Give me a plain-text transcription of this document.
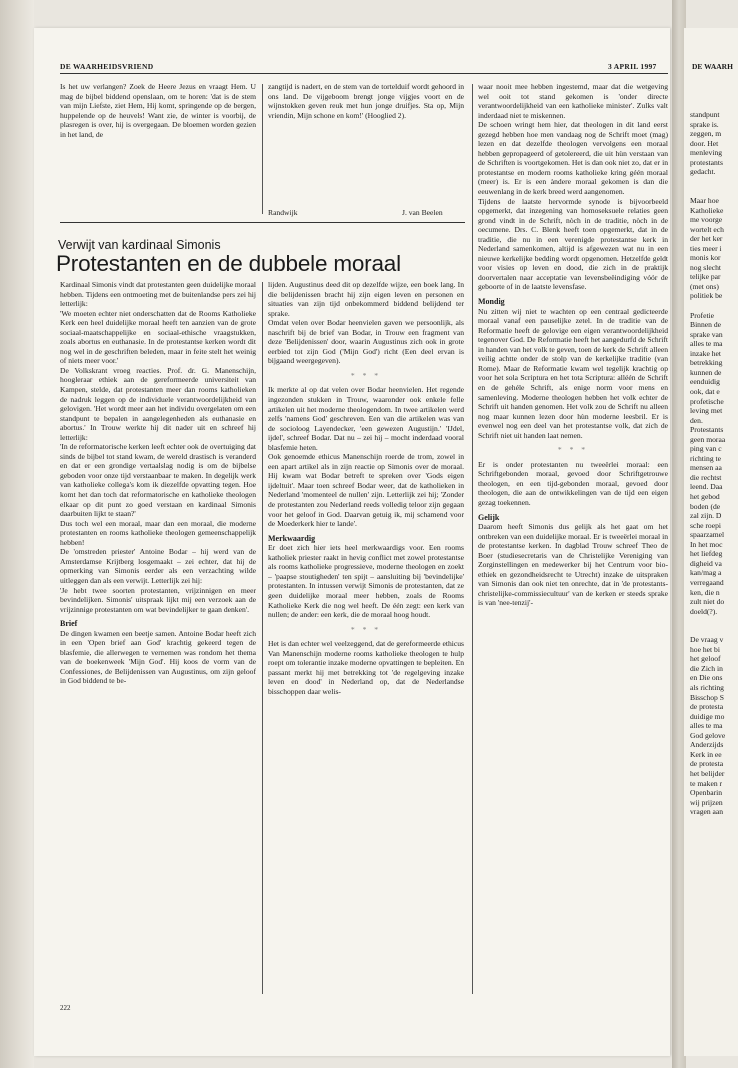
DE WAARH
standpunt
sprake is.
zeggen, m
door. Het
menleving
protestants
gedacht.
Maar hoe
Katholieke
me voorge
wortelt ech
der het ker
ties meer i
monis kor
nog slecht
telijke par
(met ons)
politiek be
Profetie
Binnen de
sprake van
alles te ma
inzake het
betrekking
kunnen de
eenduidig
ook, dat e
profetische
leving met
den.
Protestants
geen moraa
ping van c
richting te
mensen aa
die rechtst
leend. Daa
het gebod
boden (de
zal zijn. D
sche roepi
spaarzamel
In het moc
het liefdeg
digheid va
kan/mag a
verregaand
ken, die n
zult niet do
doeld(?).
De vraag v
hoe het bi
het geloof
die Zich in
en Die ons
als richting
Bisschop S
de protesta
duidige mo
alles te ma
God gelove
Anderzijds
Kerk in ee
de protesta
het belijder
te maken r
Openbarin
wij prijzen
vragen aan
DE WAARHEIDSVRIEND	3 APRIL 1997

Is het uw verlangen? Zoek de Heere Jezus en vraagt Hem. U mag de bijbel biddend openslaan, om te horen: 'dat is de stem van mijn Liefste, ziet Hem, Hij komt, springende op de bergen, huppelende op de heuvels! Want zie, de winter is voorbij, de plasregen is over, hij is overgegaan. De bloemen worden gezien in het land, de

zangtijd is nadert, en de stem van de tortelduif wordt gehoord in ons land. De vijgeboom brengt jonge vijgjes voort en de wijnstokken geven reuk met hun jonge druifjes. Sta op, Mijn vriendin, Mijn schone en kom!' (Hooglied 2).

Randwijk	J. van Beelen
Verwijt van kardinaal Simonis
Protestanten en de dubbele moraal

Kardinaal Simonis vindt dat protestanten geen duidelijke moraal hebben. Tijdens een ontmoeting met de buitenlandse pers zei hij letterlijk:

'We moeten echter niet onderschatten dat de Rooms Katholieke Kerk een heel duidelijke moraal heeft ten aanzien van de grote sociaal-maatschappelijke en sociaal-ethische vraagstukken, zoals abortus en euthanasie. In de protestantse kerken wordt dit nog wel in de geschriften beleden, maar in feite stelt het weinig of niets meer voor.'

De Volkskrant vroeg reacties. Prof. dr. G. Manenschijn, hoogleraar ethiek aan de gereformeerde universiteit van Kampen, stelde, dat protestanten meer dan rooms katholieken de nadruk leggen op de individuele verantwoordelijkheid van gelovigen. 'Het wordt meer aan het individu overgelaten om een standpunt te bepalen in aangelegenheden als euthanasie en abortus.' In Trouw werkte hij dit nader uit en schreef hij letterlijk:

'In de reformatorische kerken leeft echter ook de overtuiging dat sinds de bijbel tot stand kwam, de wereld drastisch is veranderd en dat er een grondige vertaalslag nodig is om de bijbelse geboden voor onze tijd verstaanbaar te maken. In degelijk werk van katholieke collega's kom ik diezelfde opvatting tegen. Hoe komt het dan toch dat reformatorische en katholieke theologen elkaar op dit punt zo goed verstaan en kardinaal Simonis daarbuiten lijkt te staan?'

Dus toch wel een moraal, maar dan een moraal, die moderne protestanten en rooms katholieke theologen gemeenschappelijk hebben!

De 'omstreden priester' Antoine Bodar – hij werd van de Amsterdamse Krijtberg losgemaakt – zei echter, dat hij de opmerking van Simonis eerder als een verzachting wilde uitleggen dan als een verwijt. Letterlijk zei hij:

'Je hebt twee soorten protestanten, vrijzinnigen en meer bevindelijken. Simonis' uitspraak lijkt mij een verzoek aan de vrijzinnige protestanten om wat bevindelijker te gaan denken'.

Brief

De dingen kwamen een beetje samen. Antoine Bodar heeft zich in een 'Open brief aan God' krachtig gekeerd tegen de blasfemie, die allerwegen te vernemen was rondom het thema van de boekenweek 'Mijn God'. Hij koos de vorm van de Confessiones, de Belijdenissen van Augustinus, om zijn geloof in God biddend te be-

lijden. Augustinus deed dit op dezelfde wijze, een boek lang. In die belijdenissen bracht hij zijn eigen leven en personen en situaties van zijn tijd onbekommerd biddend belijdend ter sprake.

Omdat velen over Bodar heenvielen gaven we persoonlijk, als naschrift bij de brief van Bodar, in Trouw een fragment van deze 'Belijdenissen' door, waarin Augustinus zich ook in grote eerbied tot zijn God ('Mijn God') richt (Een deel ervan is bijgaand weergegeven).

* * *

Ik merkte al op dat velen over Bodar heenvielen. Het regende ingezonden stukken in Trouw, waaronder ook enkele felle artikelen uit het moderne theologendom. In twee artikelen werd zelfs 'namens God' geschreven. Een van die artikelen was van de socioloog Layendecker, 'een gewezen Augustijn.' 'IJdel, ijdel', schreef Bodar. Dat nu – zei hij – mocht inderdaad vooral blasfemie heten.

Ook genoemde ethicus Manenschijn roerde de trom, zowel in een apart artikel als in zijn reactie op Simonis over de moraal. Hij kwam wat Bodar betreft te spreken over 'Gods eigen ijdeltuit'. Maar toen schreef Bodar weer, dat de katholieken in Nederland 'momenteel de nullen' zijn. Letterlijk zei hij; 'Zonder de protestanten zou Nederland reeds volledig teloor zijn gegaan voor het geloof in God. Daarvan getuig ik, mij schamend voor de Moederkerk hier te lande'.

Merkwaardig

Er doet zich hier iets heel merkwaardigs voor. Een rooms katholiek priester raakt in hevig conflict met zowel protestantse als rooms katholieke progressieve, moderne theologen en zoekt – 'paapse stoutigheden' ten spijt – aansluiting bij 'bevindelijke' protestanten. In intussen verwijt Simonis de protestanten, dat ze geen duidelijke moraal meer hebben, zoals de Rooms Katholieke Kerk die nog wel heeft. De één zegt: een kerk van nullen; de ander: een kerk, die de moraal hoog houdt.

* * *

Het is dan echter wel veelzeggend, dat de gereformeerde ethicus Van Manenschijn moderne rooms katholieke theologen te hulp roept om tolerantie inzake moderne opvattingen te bepleiten. En passant merkt hij met betrekking tot 'de regelgeving inzake leven en dood' in Nederland op, dat de Nederlandse bisschoppen daar welis-

waar nooit mee hebben ingestemd, maar dat die wetgeving wel ooit tot stand gekomen is 'onder directe verantwoordelijkheid van een katholieke minister'. Zulks valt inderdaad niet te miskennen.

De schoen wringt hem hier, dat theologen in dit land eerst gezegd hebben hoe men vandaag nog de Schrift moet (mag) lezen en dat dezelfde theologen vervolgens een moraal hebben gepropageerd of getolereerd, die uit hùn verstaan van de Schriften is voortgekomen. Het is dan ook niet zo, dat er in protestantse en modern rooms katholieke kring géén moraal (meer) is. Er is een àndere moraal gekomen is dan die eeuwenlang in de kerk breed werd aangenomen.

Tijdens de laatste hervormde synode is bijvoorbeeld opgemerkt, dat inzegening van homoseksuele relaties geen grond vindt in de Schrift, nòch in de traditie, nòch in de oecumene. Drs. C. Blenk heeft toen opgemerkt, dat in de traditie, die nu in een verenigde protestantse kerk in Nederland samenkomen, altijd is afgewezen wat nu in een nieuwe kerkelijke bedding wordt opgenomen. Hetzelfde geldt voor visies op leven en dood, die zich in de praktijk doorvertalen naar acceptatie van levensbeëindiging vóór de geboorte of in de laatste levensfase.

Mondig

Nu zitten wij niet te wachten op een centraal gedicteerde moraal vanaf een pauselijke zetel. In de traditie van de Reformatie heeft de gelovige een eigen verantwoordelijkheid tegenover God. De Reformatie heeft het aangedurfd de Schrift in handen van het volk te geven, toen de kerk de Schrift alleen veilig achtte onder de stolp van de kerkelijke traditie (van Rome). Maar de Reformatie kwam wel tegelijk krachtig op voor het sola Scriptura en het tota Scriptura: alléén de Schrift en de gehéle Schrift, als enige norm voor mens en samenleving. Moderne theologen hebben het volk echter de Schrift uit handen genomen. Het volk zou de Schrift nu alleen nog maar kunnen lezen door hùn moderne leesbril. Er is evenwel nog een deel van het protestantse volk, dat zich de Schrift niet uit handen laat nemen.

* * *

Er is onder protestanten nu tweeërlei moraal: een Schriftgebonden moraal, gevoed door Schriftgetrouwe theologen, en een tijd-gebonden moraal, gevoed door theologen, die aan de ontwikkelingen van de tijd een eigen gezag toekennen.

Gelijk

Daarom heeft Simonis dus gelijk als het gaat om het ontbreken van een duidelijke moraal. Er is tweeërlei moraal in de protestantse kerken. In dagblad Trouw schreef Theo de Boer (studiesecretaris van de Christelijke Vereniging van Zorginstellingen en medewerker bij het Centrum voor bio-ethiek en gezondheidsrecht te Utrecht) inzake de uitspraken van Simonis dan ook niet ten onrechte, dat in 'de protestants-christelijke-commissiecultuur' van de kerken er steeds sprake is van 'nee-tenzij'-

222
